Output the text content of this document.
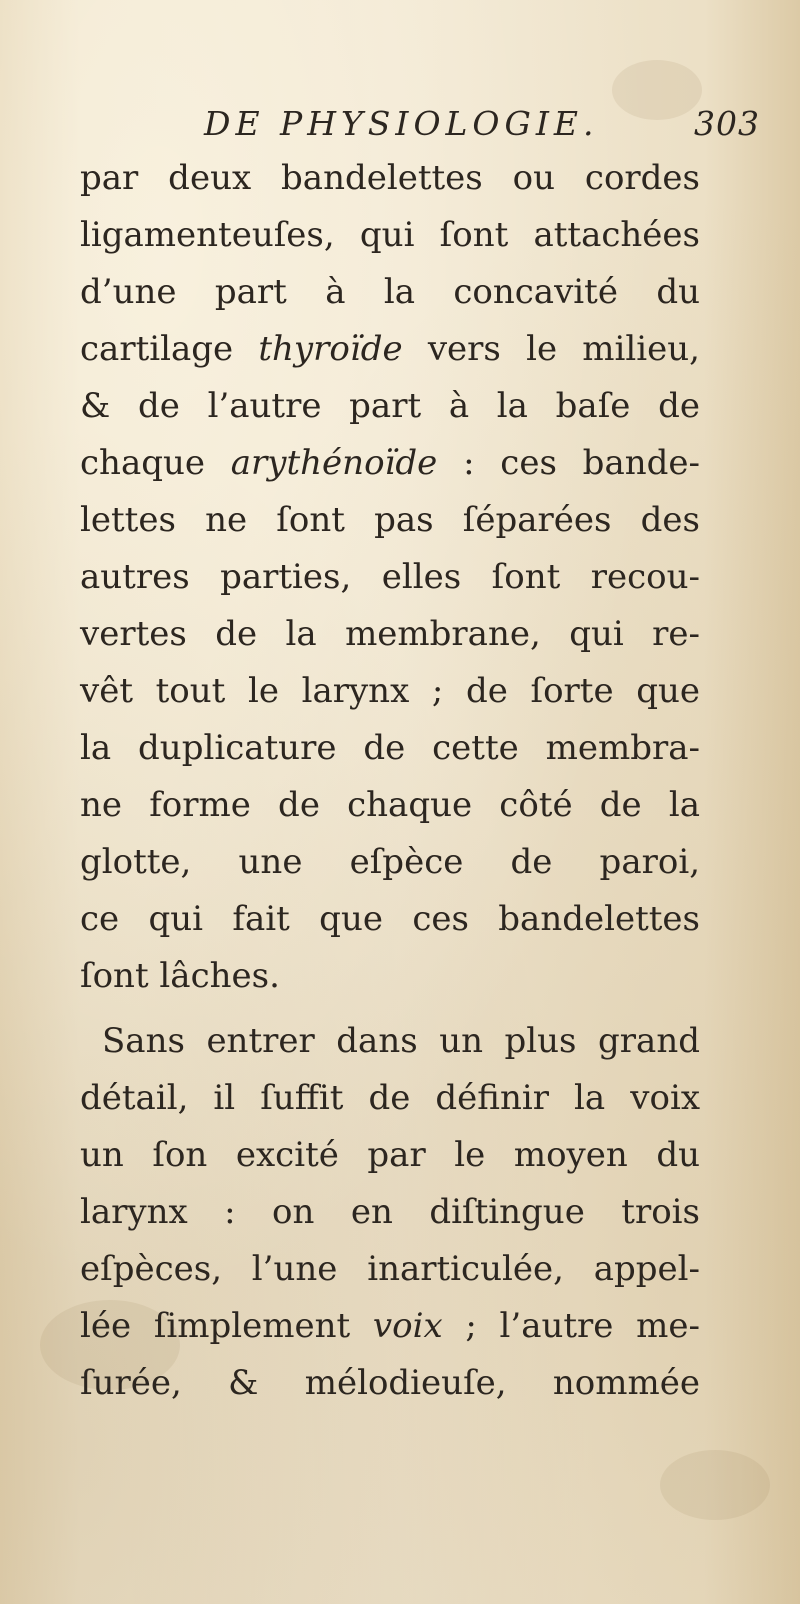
DE PHYSIOLOGIE.	303
par deux bandelettes ou cordes
ligamenteuſes, qui ſont attachées
d’une part à la concavité du
cartilage thyroïde vers le milieu,
& de l’autre part à la baſe de
chaque arythénoïde : ces bande-
lettes ne ſont pas ſéparées des
autres parties, elles ſont recou-
vertes de la membrane, qui re-
vêt tout le larynx ; de ſorte que
la duplicature de cette membra-
ne forme de chaque côté de la
glotte, une eſpèce de paroi,
ce qui fait que ces bandelettes
ſont lâches.
Sans entrer dans un plus grand
détail, il ſuffit de définir la voix
un ſon excité par le moyen du
larynx : on en diſtingue trois
eſpèces, l’une inarticulée, appel-
lée ſimplement voix ; l’autre me-
ſurée, & mélodieuſe, nommée
